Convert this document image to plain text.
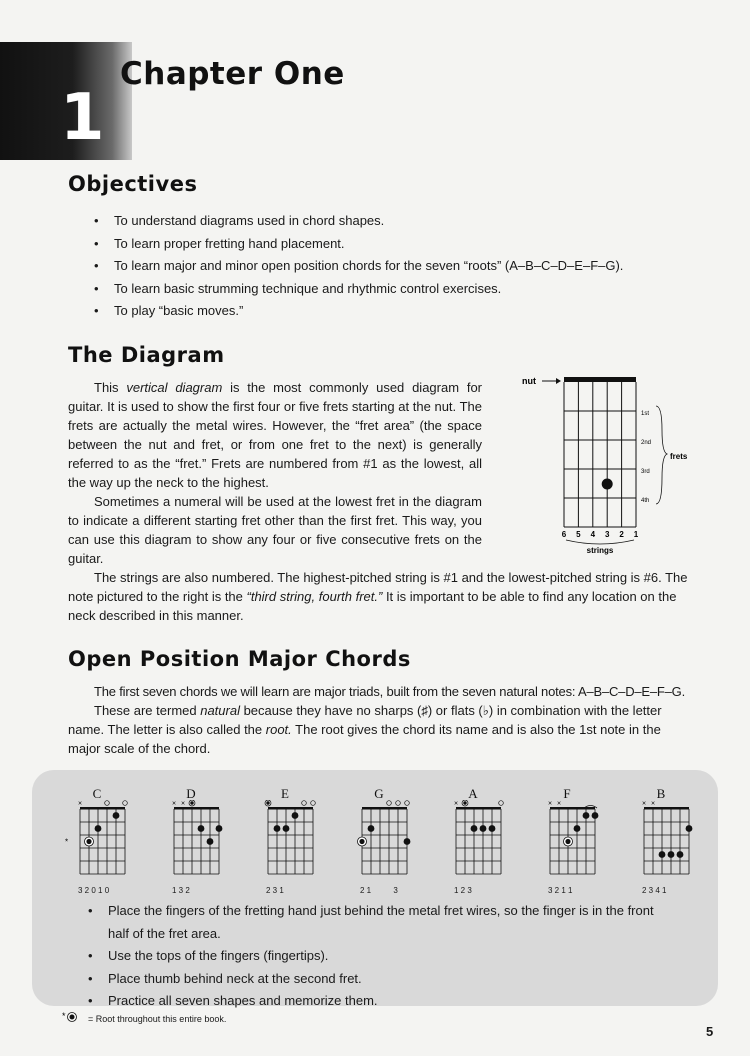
1
Chapter One
Objectives
• To understand diagrams used in chord shapes.
• To learn proper fretting hand placement.
• To learn major and minor open position chords for the seven “roots” (A–B–C–D–E–F–G).
• To learn basic strumming technique and rhythmic control exercises.
• To play “basic moves.”
The Diagram
This vertical diagram is the most commonly used diagram for guitar. It is used to show the first four or five frets starting at the nut. The frets are actually the metal wires. However, the “fret area” (the space between the nut and fret, or from one fret to the next) is generally referred to as the “fret.” Frets are numbered from #1 as the lowest, all the way up the neck to the highest.
Sometimes a numeral will be used at the lowest fret in the diagram to indicate a different starting fret other than the first fret. This way, you can use this diagram to show any four or five consecutive frets on the guitar.
The strings are also numbered. The highest-pitched string is #1 and the lowest-pitched string is #6. The note pictured to the right is the “third string, fourth fret.” It is important to be able to find any location on the neck described in this manner.
nut
1st
2nd
3rd
4th
frets
6 5 4 3 2 1
strings
Open Position Major Chords
The first seven chords we will learn are major triads, built from the seven natural notes: A–B–C–D–E–F–G.
These are termed natural because they have no sharps (♯) or flats (♭) in combination with the letter name. The letter is also called the root. The root gives the chord its name and is also the 1st note in the major scale of the chord.
C
×
*
3 2 0 1 0
D
× ×
1 3 2
E
2 3 1
G
2 1          3
A
×
1 2 3
F
× ×
3 2 1 1
B
× ×
2 3 4 1
• Place the fingers of the fretting hand just behind the metal fret wires, so the finger is in the front half of the fret area.
• Use the tops of the fingers (fingertips).
• Place thumb behind neck at the second fret.
• Practice all seven shapes and memorize them.
* = Root throughout this entire book.
5
